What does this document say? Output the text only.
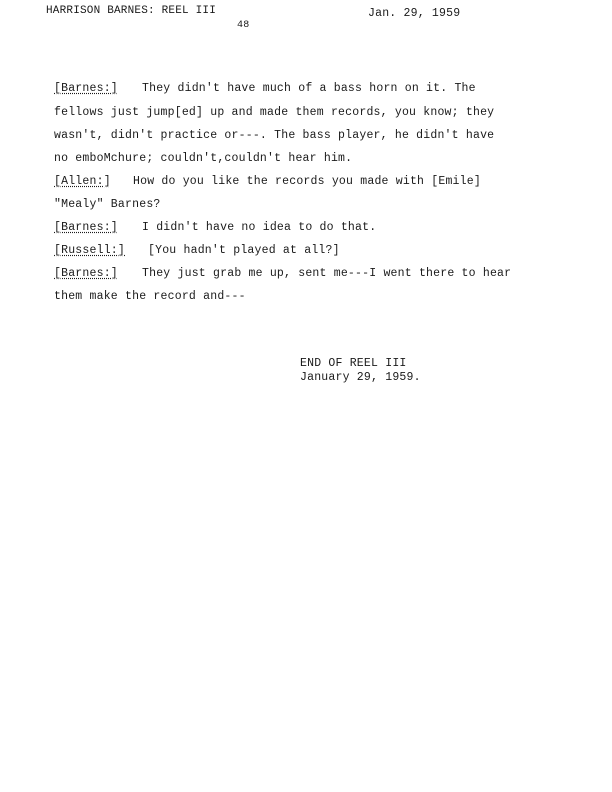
HARRISON BARNES: REEL III	Jan. 29, 1959
48
[Barnes:] They didn't have much of a bass horn on it. The
fellows just jump[ed] up and made them records, you know; they
wasn't, didn't practice or---. The bass player, he didn't have
no emboMchure; couldn't,couldn't hear him.
[Allen:] How do you like the records you made with [Emile]
"Mealy" Barnes?
[Barnes:] I didn't have no idea to do that.
[Russell:] [You hadn't played at all?]
[Barnes:] They just grab me up, sent me---I went there to hear
them make the record and---
END OF REEL III
January 29, 1959.
